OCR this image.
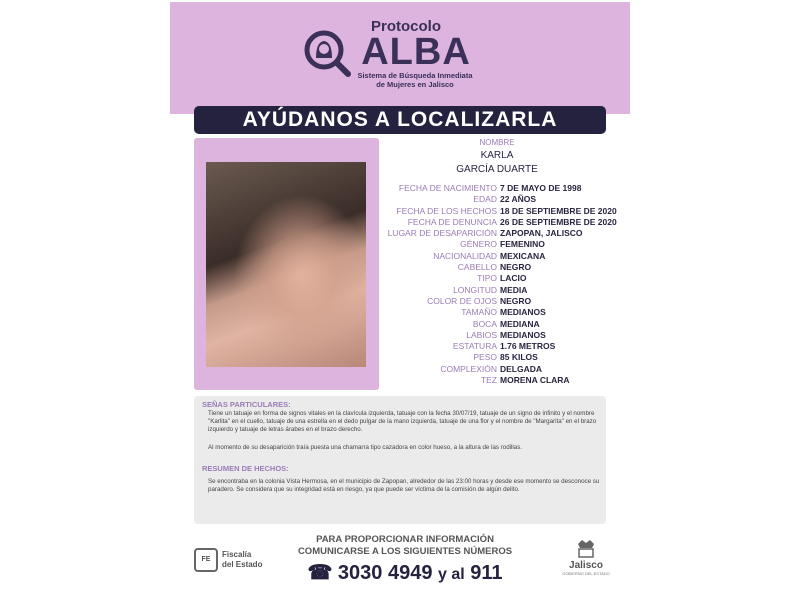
Protocolo
ALBA
Sistema de Búsqueda Inmediata
de Mujeres en Jalisco
AYÚDANOS A LOCALIZARLA
NOMBRE
KARLA
GARCÍA DUARTE
FECHA DE NACIMIENTO 7 DE MAYO DE 1998
EDAD 22 AÑOS
FECHA DE LOS HECHOS 18 DE SEPTIEMBRE DE 2020
FECHA DE DENUNCIA 26 DE SEPTIEMBRE DE 2020
LUGAR DE DESAPARICIÓN ZAPOPAN, JALISCO
GÉNERO FEMENINO
NACIONALIDAD MEXICANA
CABELLO NEGRO
TIPO LACIO
LONGITUD MEDIA
COLOR DE OJOS NEGRO
TAMAÑO MEDIANOS
BOCA MEDIANA
LABIOS MEDIANOS
ESTATURA 1.76 METROS
PESO 85 KILOS
COMPLEXIÓN DELGADA
TEZ MORENA CLARA
SEÑAS PARTICULARES:
Tiene un tatuaje en forma de signos vitales en la clavícula izquierda, tatuaje con la fecha 30/07/19, tatuaje de un signo de infinito y el nombre "Karlita" en el cuello, tatuaje de una estrella en el dedo pulgar de la mano izquierda, tatuaje de una flor y el nombre de "Margarita" en el brazo izquierdo y tatuaje de letras árabes en el brazo derecho.
Al momento de su desaparición traía puesta una chamarra tipo cazadora en color hueso, a la altura de las rodillas.
RESUMEN DE HECHOS:
Se encontraba en la colonia Vista Hermosa, en el municipio de Zapopan, alrededor de las 23:00 horas y desde ese momento se desconoce su paradero. Se considera que su integridad está en riesgo, ya que puede ser víctima de la comisión de algún delito.
FE
Fiscalía
del Estado
PARA PROPORCIONAR INFORMACIÓN
COMUNICARSE A LOS SIGUIENTES NÚMEROS
☎ 3030 4949 y al 911	Jalisco
GOBIERNO DEL ESTADO
